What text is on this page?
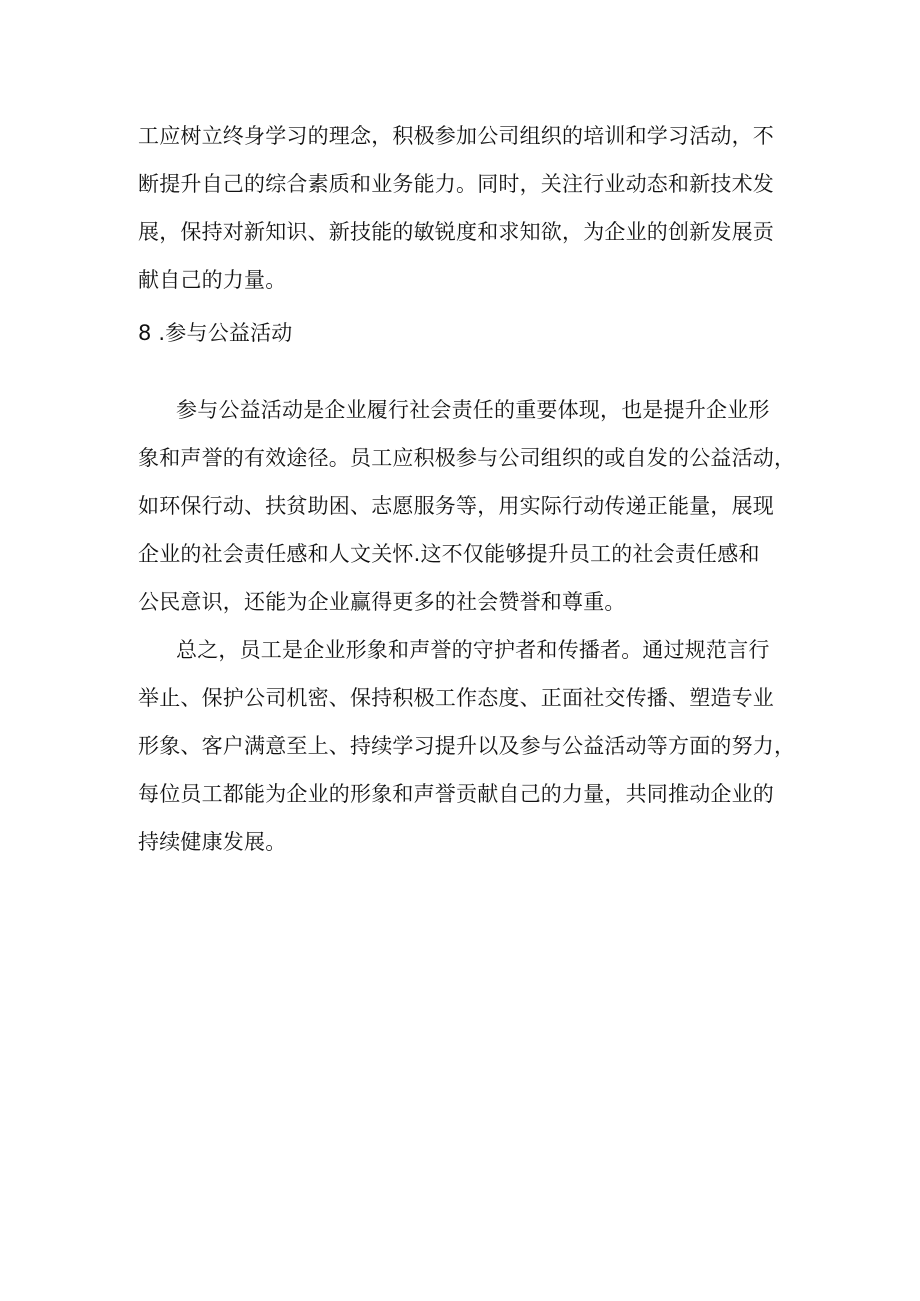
工应树立终身学习的理念，积极参加公司组织的培训和学习活动，不
断提升自己的综合素质和业务能力。同时，关注行业动态和新技术发
展，保持对新知识、新技能的敏锐度和求知欲，为企业的创新发展贡
献自己的力量。
8 .参与公益活动
参与公益活动是企业履行社会责任的重要体现，也是提升企业形
象和声誉的有效途径。员工应积极参与公司组织的或自发的公益活动，
如环保行动、扶贫助困、志愿服务等，用实际行动传递正能量，展现
企业的社会责任感和人文关怀.这不仅能够提升员工的社会责任感和
公民意识，还能为企业赢得更多的社会赞誉和尊重。
总之，员工是企业形象和声誉的守护者和传播者。通过规范言行
举止、保护公司机密、保持积极工作态度、正面社交传播、塑造专业
形象、客户满意至上、持续学习提升以及参与公益活动等方面的努力，
每位员工都能为企业的形象和声誉贡献自己的力量，共同推动企业的
持续健康发展。
